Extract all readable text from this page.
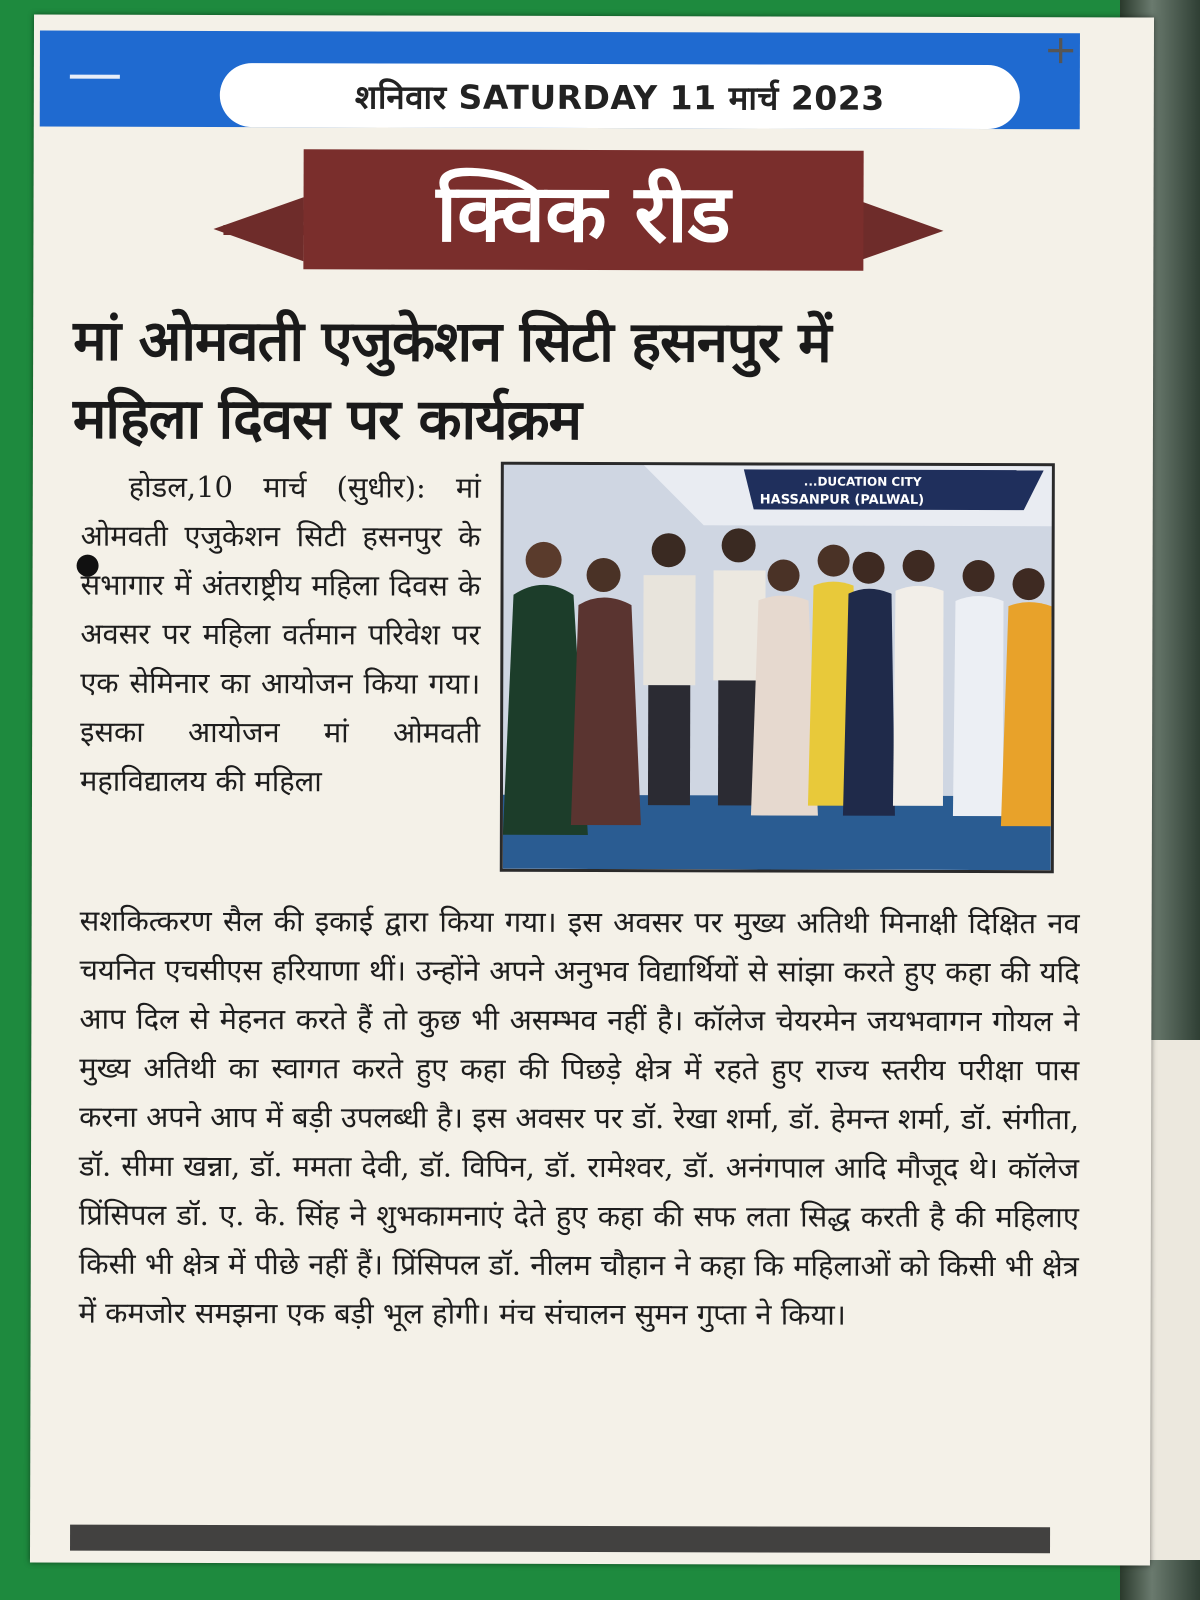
शनिवार SATURDAY 11 मार्च 2023
+
क्विक रीड
मां ओमवती एजुकेशन सिटी हसनपुर में
महिला दिवस पर कार्यक्रम
होडल,10 मार्च (सुधीर): मां ओमवती एजुकेशन सिटी हसनपुर के सभागार में अंतराष्ट्रीय महिला दिवस के अवसर पर महिला वर्तमान परिवेश पर एक सेमिनार का आयोजन किया गया। इसका आयोजन मां ओमवती महाविद्यालय की महिला
...DUCATION CITY
HASSANPUR (PALWAL)
सशकित्करण सैल की इकाई द्वारा किया गया। इस अवसर पर मुख्य अतिथी मिनाक्षी दिक्षित नव चयनित एचसीएस हरियाणा थीं। उन्होंने अपने अनुभव विद्यार्थियों से सांझा करते हुए कहा की यदि आप दिल से मेहनत करते हैं तो कुछ भी असम्भव नहीं है। कॉलेज चेयरमेन जयभवागन गोयल ने मुख्य अतिथी का स्वागत करते हुए कहा की पिछड़े क्षेत्र में रहते हुए राज्य स्तरीय परीक्षा पास करना अपने आप में बड़ी उपलब्धी है। इस अवसर पर डॉ. रेखा शर्मा, डॉ. हेमन्त शर्मा, डॉ. संगीता, डॉ. सीमा खन्ना, डॉ. ममता देवी, डॉ. विपिन, डॉ. रामेश्वर, डॉ. अनंगपाल आदि मौजूद थे। कॉलेज प्रिंसिपल डॉ. ए. के. सिंह ने शुभकामनाएं देते हुए कहा की सफ लता सिद्ध करती है की महिलाए किसी भी क्षेत्र में पीछे नहीं हैं। प्रिंसिपल डॉ. नीलम चौहान ने कहा कि महिलाओं को किसी भी क्षेत्र में कमजोर समझना एक बड़ी भूल होगी। मंच संचालन सुमन गुप्ता ने किया।
